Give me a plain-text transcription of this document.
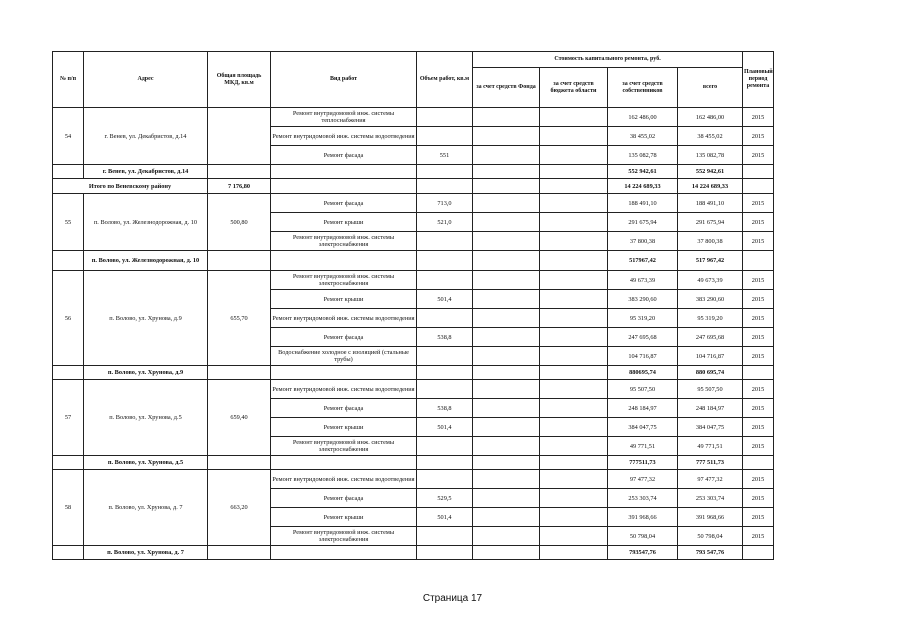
№ п/п	Адрес	Общая площадь МКД, кв.м	Вид работ	Объем работ, кв.м	Стоимость капитального ремонта, руб.				Плановый период ремонта
					за счет средств Фонда	за счет средств бюджета области	за счет средств собственников	всего	
54	г. Венев, ул. Декабристов, д.14		Ремонт внутридомовой инж. системы теплоснабжения				162 486,00	162 486,00	2015
			Ремонт внутридомовой инж. системы водоотведения				38 455,02	38 455,02	2015
			Ремонт фасада	551			135 082,78	135 082,78	2015
	г. Венев, ул. Декабристов, д.14						552 942,61	552 942,61	
Итого по Веневскому району		7 176,80					14 224 689,33	14 224 689,33	
55	п. Волово, ул. Железнодорожная, д. 10	500,80	Ремонт фасада	713,0			188 491,10	188 491,10	2015
			Ремонт крыши	521,0			291 675,94	291 675,94	2015
			Ремонт внутридомовой инж. системы электроснабжения				37 800,38	37 800,38	2015
	п. Волово, ул. Железнодорожная, д. 10						517967,42	517 967,42	
56	п. Волово, ул. Хрунова, д.9	655,70	Ремонт внутридомовой инж. системы электроснабжения				49 673,39	49 673,39	2015
			Ремонт крыши	501,4			383 290,60	383 290,60	2015
			Ремонт внутридомовой инж. системы водоотведения				95 319,20	95 319,20	2015
			Ремонт фасада	538,8			247 695,68	247 695,68	2015
			Водоснабжение холодное с изоляцией (стальные трубы)				104 716,87	104 716,87	2015
	п. Волово, ул. Хрунова, д.9						880695,74	880 695,74	
57	п. Волово, ул. Хрунова, д.5	659,40	Ремонт внутридомовой инж. системы водоотведения				95 507,50	95 507,50	2015
			Ремонт фасада	538,8			248 184,97	248 184,97	2015
			Ремонт крыши	501,4			384 047,75	384 047,75	2015
			Ремонт внутридомовой инж. системы электроснабжения				49 771,51	49 771,51	2015
	п. Волово, ул. Хрунова, д.5						777511,73	777 511,73	
58	п. Волово, ул. Хрунова, д. 7	663,20	Ремонт внутридомовой инж. системы водоотведения				97 477,32	97 477,32	2015
			Ремонт фасада	529,5			253 303,74	253 303,74	2015
			Ремонт крыши	501,4			391 968,66	391 968,66	2015
			Ремонт внутридомовой инж. системы электроснабжения				50 798,04	50 798,04	2015
	п. Волово, ул. Хрунова, д. 7						793547,76	793 547,76	
Страница 17
